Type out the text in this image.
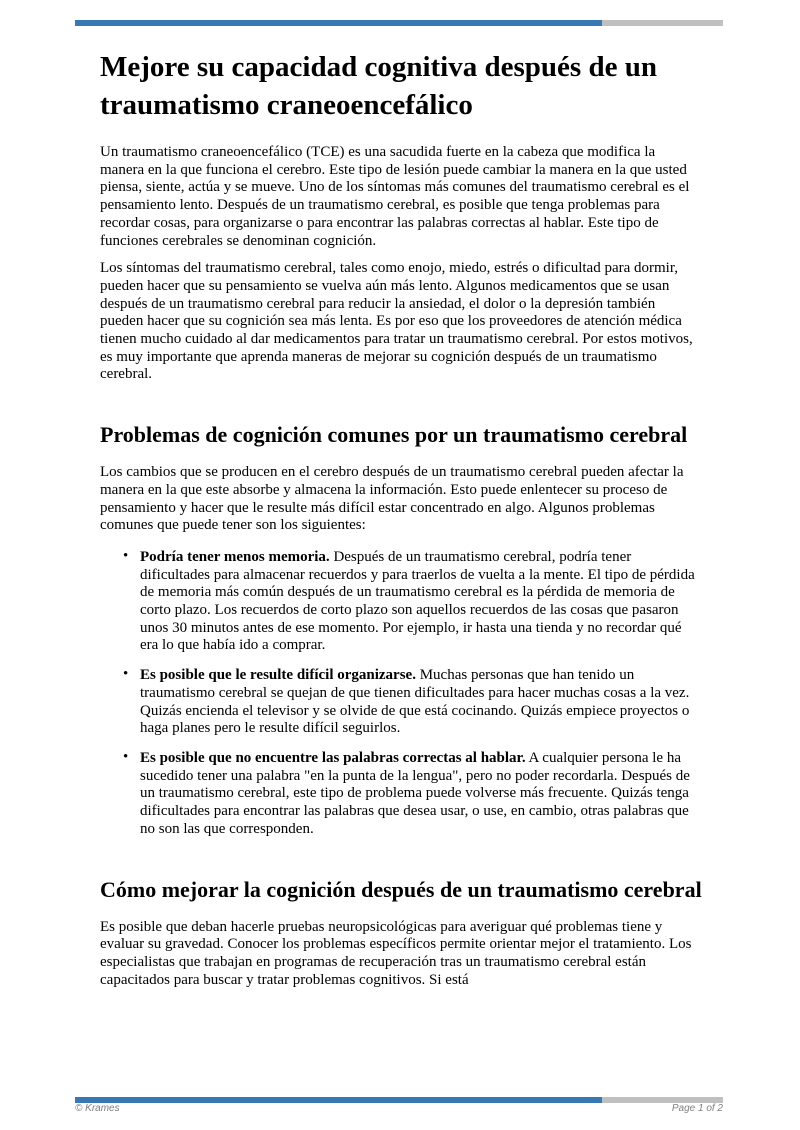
Mejore su capacidad cognitiva después de un traumatismo craneoencefálico

Un traumatismo craneoencefálico (TCE) es una sacudida fuerte en la cabeza que modifica la manera en la que funciona el cerebro. Este tipo de lesión puede cambiar la manera en la que usted piensa, siente, actúa y se mueve. Uno de los síntomas más comunes del traumatismo cerebral es el pensamiento lento. Después de un traumatismo cerebral, es posible que tenga problemas para recordar cosas, para organizarse o para encontrar las palabras correctas al hablar. Este tipo de funciones cerebrales se denominan cognición.

Los síntomas del traumatismo cerebral, tales como enojo, miedo, estrés o dificultad para dormir, pueden hacer que su pensamiento se vuelva aún más lento. Algunos medicamentos que se usan después de un traumatismo cerebral para reducir la ansiedad, el dolor o la depresión también pueden hacer que su cognición sea más lenta. Es por eso que los proveedores de atención médica tienen mucho cuidado al dar medicamentos para tratar un traumatismo cerebral. Por estos motivos, es muy importante que aprenda maneras de mejorar su cognición después de un traumatismo cerebral.

Problemas de cognición comunes por un traumatismo cerebral

Los cambios que se producen en el cerebro después de un traumatismo cerebral pueden afectar la manera en la que este absorbe y almacena la información. Esto puede enlentecer su proceso de pensamiento y hacer que le resulte más difícil estar concentrado en algo. Algunos problemas comunes que puede tener son los siguientes:

• Podría tener menos memoria. Después de un traumatismo cerebral, podría tener dificultades para almacenar recuerdos y para traerlos de vuelta a la mente. El tipo de pérdida de memoria más común después de un traumatismo cerebral es la pérdida de memoria de corto plazo. Los recuerdos de corto plazo son aquellos recuerdos de las cosas que pasaron unos 30 minutos antes de ese momento. Por ejemplo, ir hasta una tienda y no recordar qué era lo que había ido a comprar.
• Es posible que le resulte difícil organizarse. Muchas personas que han tenido un traumatismo cerebral se quejan de que tienen dificultades para hacer muchas cosas a la vez. Quizás encienda el televisor y se olvide de que está cocinando. Quizás empiece proyectos o haga planes pero le resulte difícil seguirlos.
• Es posible que no encuentre las palabras correctas al hablar. A cualquier persona le ha sucedido tener una palabra "en la punta de la lengua", pero no poder recordarla. Después de un traumatismo cerebral, este tipo de problema puede volverse más frecuente. Quizás tenga dificultades para encontrar las palabras que desea usar, o use, en cambio, otras palabras que no son las que corresponden.
Cómo mejorar la cognición después de un traumatismo cerebral

Es posible que deban hacerle pruebas neuropsicológicas para averiguar qué problemas tiene y evaluar su gravedad. Conocer los problemas específicos permite orientar mejor el tratamiento. Los especialistas que trabajan en programas de recuperación tras un traumatismo cerebral están capacitados para buscar y tratar problemas cognitivos. Si está

© Krames	Page 1 of 2
